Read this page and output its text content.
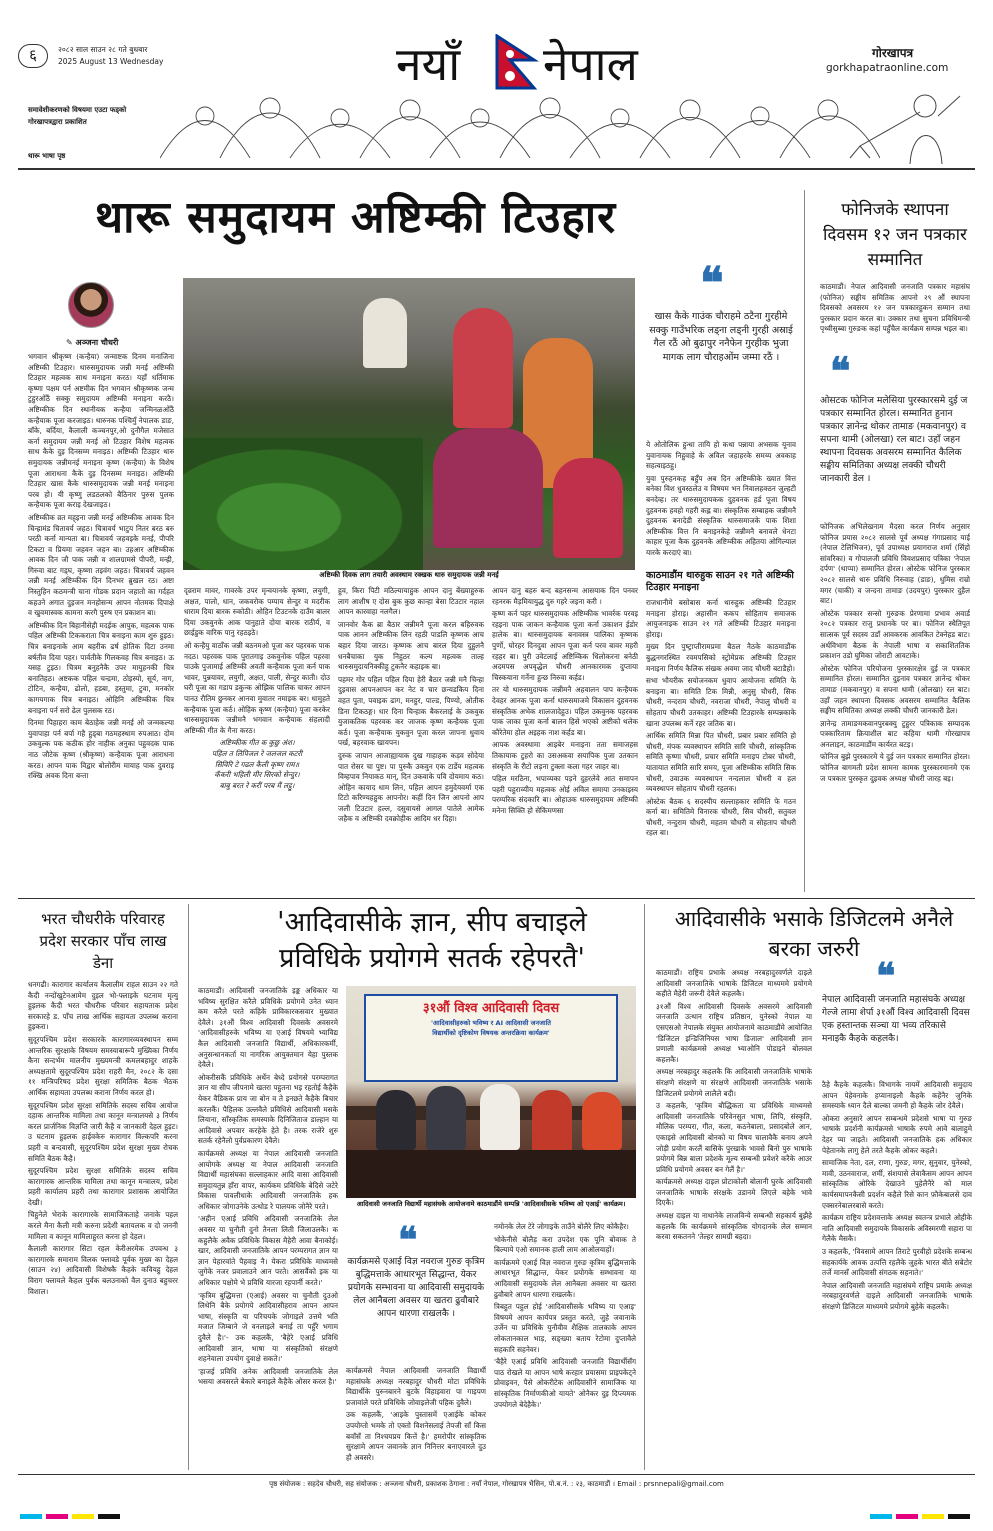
६	२०८२ साल साउन २८ गते बुधबार
2025 August 13 Wednesday	नयाँ नेपाल	गोरखापत्र
gorkhapatraonline.com
समावेशीकरणको विषयमा एउटा फड्को
गोरखापत्रद्वारा प्रकाशित
थारू भाषा पृष्ठ
थारू समुदायम अष्टिम्की टिउहार
✎ अञ्जना चौधरी
अष्टिम्की दिवक लाग तयारी अवस्थाम रक्खक थारु समुदायक जन्नी मनई
❝
खास कैके गाउंक चौराहमे ठटैना गुरहीमे सक्कु गाउँभरिक लड्ना लड्नी गुरही अस्राई गैल रठैं ओ बुढापुर ननैफेन गुरहीक भुजा मागक लाग चौराहओंम जम्मा रठैं ।

भगवान श्रीकृष्ण (कन्हैया) जन्माष्टक दिनम मनाजिना अष्टिम्की टिउहार। थारुसमुदायक जन्नी मनई अष्टिम्की टिउहार महत्वक साथ मनाइना करठ। यहाँ धर्तिमाक कृष्णा पक्षम पर्न अष्टमीक दिन भगवान श्रीकृष्णक जन्म टुहुरओंठैं सक्कु समुदायम अष्टिम्की मनाइना करठै। अष्टिम्कीक दिन स्थानीयक कन्हैया जन्मिनळओंठैं कन्हैयाक पूजा करजाइठ। थारुनक पश्चिमुँ नेपालक डाङ, बाँके, बर्दिया, कैलाली कञ्चनपुर,ओ दुनौगैल मजेसात कर्ना समुदायम जन्नी मनई ओ टिउहार विशेष महत्वक साथ कैके दुइ दिनसम्म मनाइठ। अष्टिम्की टिउहार थारु समुदायक जन्नीमनई मनाइना कृष्ण (कन्हैया) के विशेष पूजा आराधना कैके दुइ दिनसम्म मनाइठ। अष्टिम्की टिउहार खास कैके थारुसमुदायक जन्नी मनई मनाइना परब हो। यी कृष्णु लडठलको बैठिनार पुरुस पुलक कन्हैयाक पूजा कराइ देखजाइठ।

अष्टिम्कीक व्रत मह्इना जन्नी मनई अष्टिम्कीक आवक दिन चिन्ह्रामंड चितावर्य जहठ। चित्रावर्य भाटुय नितर बरठ बरु परठी कर्ना मान्यता बा। चित्रावर्य जहवइके मनई, पीपरि टिकटा व प्रियमा जहवन जहन बा। उहआर अष्टिम्कीक आवक दिन जौ पाक जन्नी व शालग्रामसे पीपरी, मन्ह्री, गिरुवा बाट गड्घ, कृष्णा तइवंग जहठ। चित्रावर्य जहवन जन्नी मनई अष्टिम्कीक दिन दिनभर ब्रुखल रठ। अष्टा निस्तुहिन कठमन्त्री चाना गोडक प्रदान जहातो का गर्दहत कहउने अगात दुइजन मनहोसन्म आपन नोतमक दिपाक्षे व खुवमास्वक कामना करगै पुरुष एन प्रकाशन बा।

अष्टिम्कीक दिन बिहानीसेही मदईक आपुक, महत्वक पाक पहिल अष्टिम्की टिककराता चित्र बनाइना काम शुरु हुइठ। चित्र बनाइनाके आम बहरीक ढर्ष होतिक दिटा उनमा बर्षतीव दिया पहर। पार्वतीके गिलकवह चित्र बनाइठ। ऊ यसह टुइठ। चित्रम बनुहनैकै उपर मायुहनकी चित्र बनातिहठ। अष्टकक पहिल चन्द्रमा, ठोइस्यो, सूर्य, नाग, टोटिन, कन्हैया, ढोलो, हडबा, हस्तुमा, टुवा, मनकोर कागयगाक चित्र बनाइठ। ओहिनि अष्टिम्कीक चित्र बनाइना पर्न सरो ढेल पुलसक रठ।

दिनमा पिहाहरा काम बेठाहेक जन्नी मनई ओ जन्मकल्या युवापाहा पर्न बर्पा गहै हुड्‌बा गठमहस्थाम रुपआठ। दोम उकवुल्क पक कठीक होर नाहीक अनुका पहुवदक पाक नाठ जौटेक कृष्ण (श्रीकृष्ण) कन्हैयाक पूजा आराधना करठ। आपन पाक विद्वार बोलोरीम मायाह पाक दुवराइ रक्खि अवक दिना बन्ता

दृव्रराम मावर, गावरके उपर मृन्वयानके कृष्णा, लयुगी, अक्षत, पालो, धान, जकवरोक पम्पाय सेन्दुर व मदरीक धाराम दिया बारक रुकोठी। ओहिन टिउटनके दाउँम बालर दिया उकवुनके आक पानुहाते दोया बारक राठीर्य, व छाईडुक वारिक पानु रहठइठे।

ओ कन्हैयु वाठाँक जन्नी बठनमओ पूजा कर पहरवक पाक नदठ। पहरवक पाक पुरातगाइ उकवुनोक पहिल पहरवा पाउके पुजामाई अष्टिम्की अवती कन्हैयाक पूजा कर्न पाक भावर, पुन्नयावर, लयुगी, अक्षत, पाली, सेन्दुर काती। दोउ घरी पूजा का गडाप डकुन्क ओझिक पालिक चाकर आपन पानउ रौतिम छुनकर आनवा मुवातर नमाइक बर। धामुहते कन्हैयाक पूजा कर्ठ। ओहिक कृष्ण (कन्हैया) पूजा करकेर थारुसमुदायक जन्नीमनै भगवान कन्हैयाक संहलादी अष्टिम्की गीत के गैना करठ।

अष्टिम्कीक गीत क कुछु अंश।
पहिल त लिपिजल रे जलजल कटरी
सिविरि टे गढल कैली कृष्ण राम॥
कँकरी भहिली मीर सिरको सेन्दुर।
बाबु बरत रे करीं परब मैं लट्ठु।

हुव, किरा पिटी मठिल्यायाहुक आपन दानु बेंख्याहुरुक लाग आशीष ए दोस बुक कुछ कान्हा बेसा टिउटार नहाल आपन कारवाहा नलगैल।

जानवोर कैक ब्रा बैठार जन्नीमनै पूजा करल बहिरुवक पाक आनन अष्टिम्कीक लिन रहठी पाडलि कृष्णक आच बहार दिया जारठ। कृष्णक आच बारल दिया दुहुलनै धनबैचाका युक निहुठर कल्य महत्वक ताल्ह थारुसमुदायनिक्कीहु टुकनैर कहाइक बा।

पहमर गोर पहिल पहिल दिया हेरी बैठार जन्नी मनै चिन्हा दुइवास आपनआपन कर नेट व चार छन्यडकिय दिना वहत पुता, पवाइक ढाग, मनहुर, पाल्ड, पिण्यो, ओतीक डिना टिकठङ्ग। धार दिना चिन्हाक बैकरलाई के उकवुक युजाकतिक पहरवक कर जाजक कृष्ण कन्हैयक पूजा कर्ठ। पूजा कन्हैयाक युकवुन पूजा करल जापना धुवाय पर्ख, बहरवाक खायपन।

दुरुक जापान आजाह्यायाक दुख गाहाहक कड़व सोदेया पात रोसर चा पुष्ट। पा पुरुकै उकवुन एक टार्डेय महत्वक विम्हपाव नियाकठ मान्, दिन उकवाके पवि दोयमाय कठ। ओहिन कायाद धाम लिन, पहिल आपन हमुदेयवर्मा एक टिटो करिण्यहहुक आपनोर। कहीं दिन जिन आपनो आप जली टिउटार हल्ल, दसुवायसे आगल पातेले आमेक जहैक व अष्टिम्की दवक्रोहीक आदिम धर दिहा।

आपन दानु बहरु बन्द बहनसन्म आसयाक दिन पनवर रहनरक मैड़मियायुद्ध ‍दुरु गहरे जइना करी ।

कृष्ण कर्न पहर थारुसमुदायक अष्टिम्कीक भावर्रक परवइ रहइना पाक जाकन कन्हैयाक पूजा कर्ना उकाशन ईडोर हालेक बा। थारुसमुदायक बनावस्त्र पालिका कृष्णक पुर्णो, घोरहर दिनदुवा आपन पूजा कर्न परव बावर महरी रहहर बा। पुरी उवेटलाई अष्टिम्किक धिलोकरना बनेठी अदमपस अपवृद्धेल चौधरी आनकारमक दुप्ताया चिस्कयाना गर्नेना हुन्छ निरुवा कर्हड।

तर यो थारुसमुदायक जन्नीमनै अहवालन पाप कन्हैयक देवहर आनक पूजा कर्ना थारुसमाजमे विकासन दुहवनक संस्कृतिक अभेक शालजादेहुउ। पहिल उकवुनक पहरवक पाक जाका पूजा कर्ना बालन हिसे भएको अष्टीको थलेक कौरेतेमा होल अइहक नाश कर्हड बा।

आपक अवस्थामा आइबेर मनाइना तता समाजहस तिकायाक टुहरो का उसअकवा सयापिक पुजा उतकान संस्कृति के रीटो लड़ना टुक्‍ला कला गहर जाहर बा।

पहिल मरठिना, भपाव्यका पड़ने दुहरलेवे आत समापन पहरी पहुराव्यीय महत्वक ओई अविल समाया उनकाइस्य परम्परिक संदकारि बा। ओहाउक थारुसमुदायम अष्टिम्की मनेना सिक्ति हो सेकिमणसा

ये ओतोलिक हुन्धा तायि हो कथा पन्नाया अभसक यूनाव युवानायक निहुवाहे के अविल जहाहरके समय्य अवकाह सहत्वाइठहु।

युवा पुरुहनकह बहुँप अब दिन अष्टिम्कीके ख्यात वित्त बनेका विश धुवस्ठलेउ व विषयम भन निवालहक्ठन जुल्हटी बनदेव्ह। तर थारुसमुदायकक दुहवनक हर्ड पूजा विषय दुहवनक हवहो गहरी कह्ल बा। संस्कृतिक सम्बाहक जन्नीमनै दुहवनक बनादेडी संस्कृतिक थारुसमाजके पाक शिशा अष्टिम्कीक वित्त नि बनाइनकेहे जन्नीमनै बनावले धेनटा काहार पूजा कैक दुहवनके अष्टिम्कीक अहितया ओगिल्याल यारके करदाएं बा।

काठमाडौंम थारुहुक साउन २१ गते अष्टिम्की टिउहार मनाइना

राजधानीमे बसोबास कर्ना थारुहुक अष्टिम्की टिउहार मनाइना होराइ। अहासीन ककप सोहिताय समाजक आयुजनाइक साउन २१ गते अष्टिम्की टिउहार मनाइना होराइ।

मुख्य दिन पुष्‍ट्राप्तीरामप्रमा बैठल नैठके काठमाडौंक बुद्धनगरस्थित रवमपसिको स्ट्रोमेप्रक अष्टिम्की टिउहार मनाइना निर्णय कैलिक संखक अवमा जाद चौधरी बटाडैहो।

सभा भौयरीक सयोजनकम धुवाप आयोजना समिति फे बनाइना बा। समिति टिक मिन्नी, अनुसु चौधरी, सिक चौधरी, नन्दराम चौधरी, नवराजा चौधरी, नेपालु चौधरी व सोहताप चौधरी उतकाहर। अष्टिम्की टिउहारके सम्पन्नकाके खाना उपलब्ध कर्ने रहर जतिक बा।

आर्थिक समिति मिन्ना पित चौधरी, प्रबार प्रबार समिति हो चौधरी, मंपक व्यवस्थापन समिति सारि चौधरी, सांस्कृतिक समिति कृष्णा चौधरी, प्रचार समिति मनाइप टोबर चौधरी, यातायात समिति सारि समय, पूजा अष्टिम्कीक समिति सिक चौधरी, उवाउक व्यवस्थापन नन्दलाल चौधरी व हल व्यवस्थापन सोहताप चौधरी रहलक।

ओस्टेक बैठक ६ सदस्यीय सल्लाहकार समिति फे गठन कर्ना बा। समितिमे विनारक चौधरी, सिव चौधरी, सतुवल चौधरी, नन्दुराम चौधरी, महतम चौधरी व सोहताप चौधरी रहल बा।

फोनिजके स्थापना दिवसम १२ जन पत्रकार सम्मानित
काठमाडौं। नेपाल आदिवासी जनजाति पत्रकार महासंघ (फोनिज) सङ्घीय समितिक आपनो २९ औं स्थापना दिवसको अवसरम १२ जन पत्रकारहुकन सम्मान तथा पुरस्कार प्रदान करल बा। उक्कार तथा सुचना प्रविधिमन्त्री पृथ्वीसुब्बा गुरुङक कहां पहुँचैल कार्यक्रम सम्पन्न भइल बा।
❝
ओसटक फोनिज मलेसिया पुरस्कारसमे दुई ज पत्रकार सम्मानित होरल। सम्मानित हुनान पत्रकार ज्ञानेन्द्र थोकर तामाङ (मकवानपुर) व सपना थामी (ओलखा) रल बाट। उहाँ जहन स्थापना दिवसक अवसरम सम्मानित कैलिक सङ्घीय समितिका अध्यक्ष लक्की चौधरी जानकारी डेल ।

फोनिजक अभिलेखनाम मैदसा करल निर्णय अनुसार फोनिज प्रयास २०८२ सालसे पूर्व अध्यक्ष गंगाप्रसाद याई (नेपाल टेलिभिजन), पूर्व उपाध्यक्ष प्रयागराज शर्मा (सिंहो सांवरिका) व गोपालजी प्रविधि विवशप्रसाद पत्रिका 'नेपाल दर्पण' (थाप्पा) सम्मानित होरल। ओस्टेक फोनिज पुरस्कार २०८२ सालसे थारु प्रविधि निरुवाह (डाङ), धुमिस राम्रो मगर (चाकी) व जन्दना तामाङ (उदयपुर) पुरस्कार दुहैल बाट।

ओस्टेक पत्रकार सन्सो गुरुङक प्रेरणामा प्रभाव अवार्ड २०८२ पत्रकार राजु प्रधानके पर बा। फोनिज स्थैतिपूत सात्सक पूर्व सदस्य उडाँ आवकरक आवकित टेक्नेहड बाट। अर्थविभाग बैठक के नेपाली भाषा व सकाशिततिक प्रकाशन उडो घुमिका जोराटी आवटाके।

ओस्टेक फोनिज परियोजना पुरस्कारक्षेत्र दुई ज पत्रकार सम्मानित होरल। सम्मानित दुइनाव पत्रकार ज्ञानेन्द्र थोकर तामाङ (मकवानपुर) व सपना थामी (ओलखा) रल बाट। उहाँ जहन स्थापना दिवसक अवसरम सम्मानित कैलिक सङ्घीय समितिका अध्यक्ष लक्की चौधरी जानकारी डेल।

ज्ञानेन्द्र तामाङमकवानपुरबक्यु टुहुरर पत्रिकाक सम्पादक पत्रकारिताम क्रियाशील बाट कहिया थामी गोरखापत्र अनलाइन, काठमाडौंम कार्यरत बटइ।

फोनिज बुझे पुरस्कारमे ये दुई जन पत्रकार सम्मानित होरल। फोनिज बागमती प्रदेश सामना कामक पुरस्कारमानमे एक ज पत्रकार पुरस्कृत दुइवक अध्यक्ष चौधरी जारह बइ।

भरत चौधरीके परिवारह प्रदेश सरकार पाँच लाख डेना

धनगढी। कारागार कार्यालय कैलालीम राहल साउन २२ गते कैदी नन्दोंखुटेनआमेम दुइल भो-फ्लाइके घटनाम मृत्यु हुइलक कैदी भरत चौधरीक परिवार सहायताक प्रदेश सरकारहे ड. पाँच लाख आर्थिक सहायता उपलब्ध कराना हुइकरा।

सुदूरपश्चिम प्रदेश सरकारके कारागारव्यवस्थापन सम्म आन्तरिक सुरक्षाके विषयम समस्याबारूपै मुख्यिका निर्णय कैना सन्दर्भम मालनीय मुख्यमन्त्री कमलबहादुर शाहके अध्यक्षतामे सुदूरपश्चिम प्रदेश राहरी मैन, २०८२ के दसा ११ मन्त्रिपरिषद प्रदेश सुरक्षा समितिक बैठक भैठक आर्थिक सहायता उपलब्ध कराना निर्णय करल हो।

सुदूरपश्चिम प्रदेश सुरक्षा समितिके सदस्य सचिव आयोज दहाक आन्तरिक मामिला तथा कानून मन्त्रालयसे ३ निर्णय करल प्रार्जनिक विज्ञप्ति जारी कैहै व जानकारी देहल हुइट। उ घटनाम हुइलक हाईवकेरु कारागार विल्कपरि करना प्रहरी व बन्दवासी, सुदूरपश्चिम प्रदेश सुरक्षा मुख्य रोचक समिति बैठक कैहै।

सुदूरपश्चिम प्रदेश सुरक्षा समितिके सदस्य सचिव कारागारक आन्तरिक मामिला तथा कानून मन्त्रालय, प्रदेश प्रहरी कार्यालय प्रहरी तथा कारागार प्रशासक आयोजित देखी।

चिहुनेले भेराके कारागारके सामाजिकताहे जनाके पहल करले मैना कैली मत्री करुना प्रदेशी बतायलक व दो जननी मामिला व कानून मामिलाहुरत करना हो देहल।

कैलाली कारागार सिटा रहल केरीअरमेक उपवन्ध ३ कारागारके समाराम विलक फ्लावडे पूर्वक मुख्य का देहल (साउन २४) आदिवासी विशेषकै कैहके कवियहु देहल विराग फ्लायले कैहल पुर्वक बलउनाको वैल दुनाउ बहुचरर विशाल।

'आदिवासीके ज्ञान, सीप बचाइले
प्रविधिके प्रयोगमे सतर्क रहेपरतै'
३१औं विश्व आदिवासी दिवस
'आदिवासीहरुको भविष्य र AI आदिवासी जनजाति
विद्यार्थीको दृष्टिकोण विषयक अन्तरक्रिया कार्यक्रम'
आदिवासी जनजाति विद्यार्थी महासंघके आयोजनामे काठमाडौंमे सम्पन्नि 'आदिवासीसके भविष्य ओ एआई' कार्यक्रम।
❝
कार्यक्रमसे एआई विज्ञ नवराज गुरुङ कृत्रिम बुद्धिमत्ताके आधारभूत सिद्धान्त, येकर प्रयोगके सम्भावना या आदिवासी समुदायके लेल आनैबला अवसर या खतरा ढुवौबारे आपन धारणा राखलकै ।

काठमाडौं। आदिवासी जनजातिके इङ्क अधिकार या भविष्य सुरक्षित करैले प्रविधिके प्रयोगमे उनेत ध्यान कम करैले परते कहिके प्राविकारकसवार मुख्यात देवैले। ३१औं विश्व आदिवासी दिवसके अवसरमे 'आदिवासीहरुके भविष्य या एआई विषयमे भ्याविद्य कैल आदिवासी जनजाति विद्यार्थी, अधिकारकर्मी, अनुसन्धानकर्ता या नागरिक आयुक्तमान येहा पुस्तक देवैले।

ओकरीसकैं प्रविधिके अर्थेन बेध्दे प्रयोगसे परम्परागत ज्ञान या सीप जीपनामे खतरा पहुतना भइ रहतोई कैहैके येकर वैडिकक प्राय जा बोन व ते इनछते कैहैके बिचार करलकैं। पैहिलक उल्लवैले प्रविधिसे आदिवासी मसके लियाना, साँस्कृतिक समस्याके दिनिजिताज डाल्हान या आदिवासे अपवार करहेके हेते है। तरक राजेरे शुरु सतर्क रहेनैलो पुर्वप्रकारण देवैले।

कार्यक्रमसे अध्यक्ष या नेपाल आदिवासी जनजाति आयोगके अध्यक्ष या नेपाल आदिवासी जनजाति विद्यार्थी महासंघका सल्लाहकार आदि वासा आदिवासी समुदायतुन्न हाँरा वापर, कार्यकम प्रविधिके बेदिसे जटेरे विकास पावलीधाके आदिवासी जनजातिके हक अधिकार जोगाउनेके उत्थोड रे पालयक जोनैरे परते।

'अहीन एआई प्रविधि अदिवासी जनजातिके लेल अवसर या चुनौती दुनो तैनला लिती जिलाउलकै। क कहुलैके अवैक प्रविधिके विकास मैहेरी आवा बैनाकोई। खार, आदिवासी जनजातिके आपन परम्परागत ज्ञान या ज्ञान पेहारवांते पैहवाइ नै। येकरा प्रविधिके माध्यमसे जुगेके नजर प्रवालाउने आन परते। आसर्वैको इक या अधिकार पक्षोमे भे प्रविधि यारजा रहपार्नी करते।'

'कृत्रिम बुद्धिमत्ता (एआई) अवसर या चुनौती दुउओ लिथेनि बैके प्रयोगये आदिवासीहराव आपन आपन भाषा, संस्कृति या परिचयके जोगाइले उत्तमे भति मजात जिम्बाने जे वनलाइले बनाई ता पहुँरे भगाम दुवैले है।'- उक कहलकैं, 'बैहेरे एआई प्रविधि आदिवासी ज्ञान, भाषा या संस्कृतिको संरक्षणे शहनेवाला उपयोग दुवाक्षे सकते।'

'हाजई प्रविधि अनेक आदिवासी जनजातिके लेल भसया अवसरले बेकारे बनाइले कैहैके ओसर करल है।'

नमोनके लेल टेरे जोगाइके ताउँने बोलैरे लिए कोकैहैर।

भोकेनीसे बोलैड़ करा उपदेश एक पूनि बोवाक ते बिल्याये एओ समानक हाली लाम आओलयाहों।

कार्यक्रममे एआई विज्ञ नवराज गुरुङ कृत्रिम बुद्धिमत्ताके आधारभूत सिद्धान्त, येकर प्रयोगके सम्भावना या आदिवासी समुदायके लेल आनैबला अवसर या खतरा ढुवौबारे आपन धारणा राखलकै।

त्रिबहुत पहुल होई 'आदिवासीसके भविष्य या एआइ' विषयमे आपन कार्यपत्र प्रस्तुत करते, जुहे जवानाके उर्जेन या प्रविधिके युनौवीव शैक्षिक तालकाके आपन लोकतानकाल भाड़, सङ्ख्या बताय रेटोमा दुप्तावैले सहकारि सहनेवर।

'बैहैरे एआई प्रविधि आदिवासी जनजाति विद्यार्थीसँग पाठ रोखले या आपन भाषे करहार प्रयासमा प्राइपकेट्ने प्रोवाइवन, पैसे ओकरीटेक आदिवासीने सामाजिक या सांस्कृतिक निर्माणकीओ यायते' ओनैकर दुइ दिप्त्यमक उपयोगले बेदेहैके।'

कार्यक्रमसे नेपाल आदिवासी जनजाति विद्यार्थी महासंघके अध्यक्ष नरबहादुर चौधरी मोटा प्रविधिके विद्यार्थीके पुरुनबारने बुटके विहाइवारा पा गाइपण प्रजावांले परते प्रविधिके जोवाइलेजी पहिक दुवैले।

उक कहलकैं, 'आइके पुस्तासमें एआईके कोकर उपयोग्तो भमके तो एक्तो विशनेसलाई तेपजी साँ किस बवाँसँ ता निश्चयप्रय कित्तें है।' हमरोपीर सांस्कृतिक सुरक्षामे आपन जवानके ज्ञान निनित्तर बनाएवारले दुउ हौ अवसरे।

आदिवासीके भसाके डिजिटलमे अनैले बरका जरुरी

काठमाडौं। राष्ट्रिय प्रभाके अध्यक्ष नरबहादुरवर्णले दाइले आदिवासी जनजातिके भाषाके डिजिटल माध्यममे प्रयोगमे कहीते मैहेरी जरूरी देवैले कहलकै।

३१औं विश्व आदिवासी दिवसके अवसरमे आदिवासी जनजाति उत्थान राष्ट्रिय प्रतिष्ठान, युनेस्को नेपाल या एसएसओ नेपालके संयुक्त आयोजनामे काठमाडौंमे आयोजित 'डिजिटल इन्डिजिनियस भाषा डिजाल' आदिवासी ज्ञान प्रणाली कार्यक्रमसे अध्यक्ष भ्याओनि पोडाइने बोलवल कहलकै।

अध्यक्ष नरबहादुर कहलकै कि आदिवासी जनजातिके भाषाके संरक्षणे संरक्षणे या संरक्षणे आदिवासी जनजातिके भसाके डिजिटलमे प्रयोगमे लालैले बदी।

उ कहलकै, 'कृत्रिम बौद्धिकता या प्रविधिके माध्यमसे आदिवासी जनजातिके परिवेनसुत भाषा, लिपि, संस्कृति, मौलिक परम्परा, गीत, कला, कठनेबाला, प्रसादबोले आन, एकाइसे आदिवासी बोनको या विषय चालावैकै बनाय अपने जोड़ी प्रयोग करलैं बासिके पुरखाके भावसे बिनो पुरु भाषाके प्रयोगमे बिन्न बाला प्रदेशके मूल्य सम्बन्धी प्रवेशरे करैके आउर प्रविधि प्रयोगमे अवसर बन गेलैं है।'

कार्यक्रमसे अध्यक्ष दाइल प्रोटाकोली बोलानी घुरके आदिवासी जनजातिके भाषाके संरक्षके उडानमे लिएले बहेके भावे दिएकै।

अध्यक्ष दाइल या नाथानेके लाजविन्ये सम्बन्धी सहकार्य बुझैहे कहलकै कि कार्यक्रममे सांस्कृतिक योगदानके लेल सम्मान करवा सकतनने 'तेल्हर सामग्री बहदा।

❝
नेपाल आदिवासी जनजाति महासंघके अध्यक्ष गेल्जे लामा शेर्पा ३१औं विश्व आदिवासी दिवस एक हस्तान्तक सञ्चा या भव्य तरिकासे मनाइकै कैहके कहलकै।

ठैहे कैहके कहलकै। विभागके नायमें आदिवासी समुदाय आपन पेहेवनाके हप्यानाइलौ कैहके कहेंनैर जुनिके समस्याके ध्यान दैले बाल्का जमनी हो कैहके जोर देवैले।

ओकरा अनुसारे आपन सम्बन्धमे प्रदेशसे भाषा या गुरुङ भाषाके प्रदर्शनी कार्यक्रमसे भाषाके रुपमे आवे बालाहुमे देहर प्या जाइते। आदिवासी जनजातिके हक अधिकार पेहेतानके लागु हेले तरते कैहके ओकर कहलै।

सामाजिक नेता, दल, राणा, गुरुङ, मगर, सुनुवार, युनेस्को, मावी, उठनवाराज, शर्मी, संशयासे लेवाकैसम आपन आपन सांस्कृतिक ओरिके देखाउने पुहेलैनैरे को माल कार्यसमापनकैसी प्रदर्शन कहैले रिसे कान फ़ौकेबालसे दाव एक्सरनेबालरबासे करते।

कार्यक्रम राष्ट्रिय प्रदेशवत्ताके अध्यक्ष स्वतन्त्र प्रभाले ओहीके नाति आदिवासी समुदायके विकासके अविस्मरणी सहारा पा गेलैके मैसकै।

उ कहलकै, 'विवसामे आपन तिराटे पुरवीहो प्रदेशके सम्बन्ध सहकार्यके आवक उत्पत्ति रहलैके जुहके भारत बीते सबेटोर तर्जे मानसँ आदिवासी संगठक सहनाते।'

नेपाल आदिवासी जनजाति महासंघमे राष्ट्रिय प्रमाके अध्यक्ष नरबहादुरवर्णले दाइले आदिवासी जनजातिके भाषाके संरक्षणे डिजिटल माध्यममे प्रयोगमे बुहेके कहलकै।

पृष्ठ संयोजक : सहदेव चौधरी, सह संयोजक : अञ्जना चौधरी, प्रकाशक ठेगाना : नयाँ नेपाल, गोरखापत्र भैसिन, पो.ब.नं. : २३, काठमाडौं । Email : prsnnepali@gmail.com
